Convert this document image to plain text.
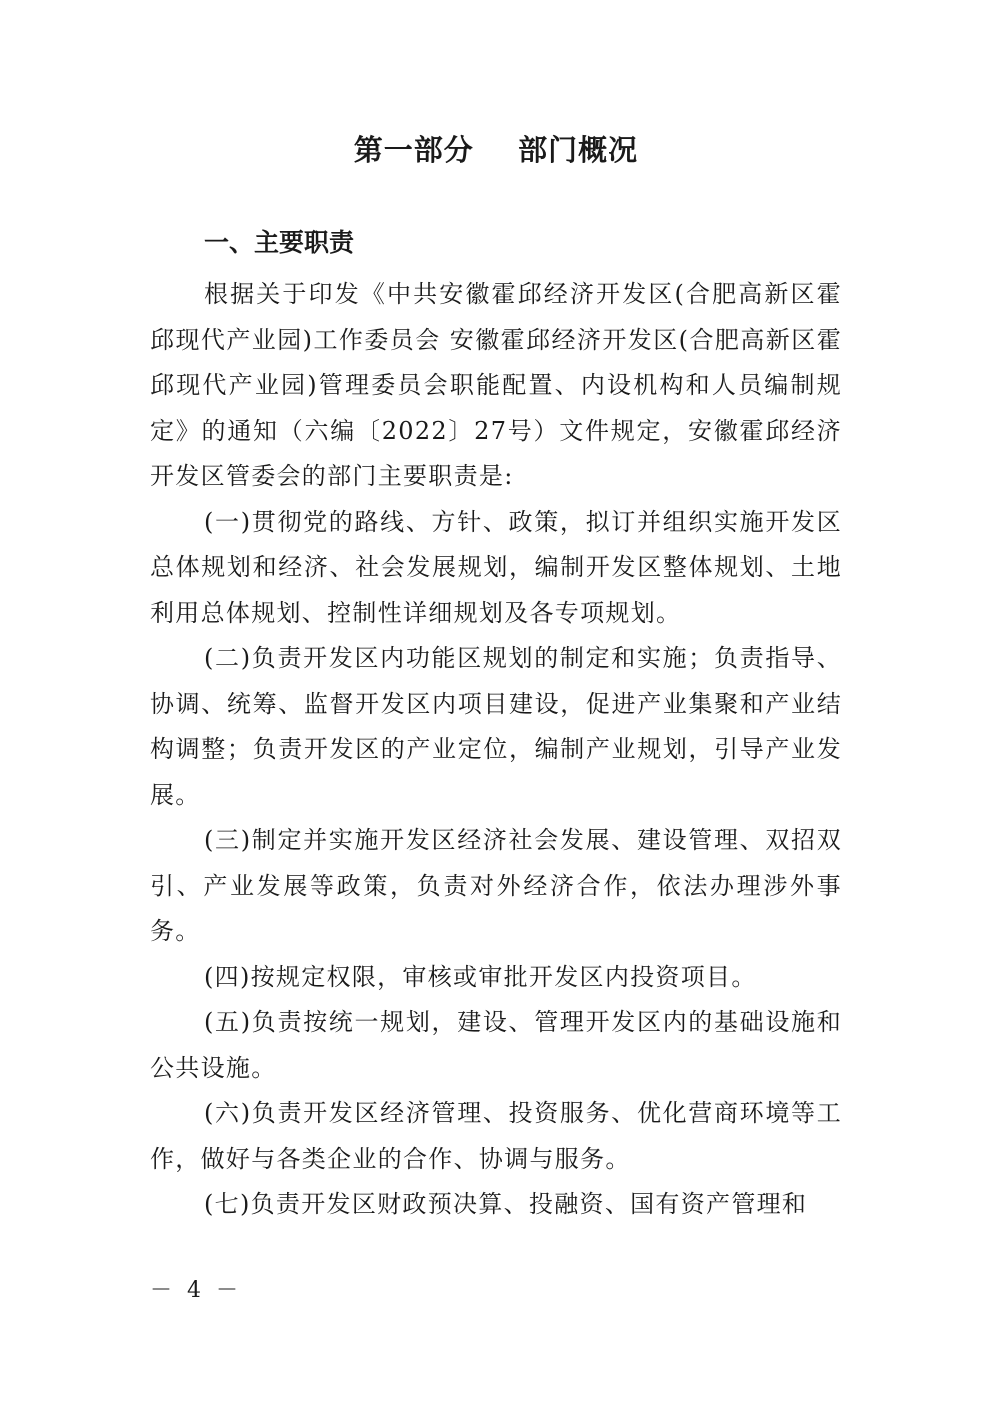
第一部分    部门概况
一、主要职责

根据关于印发《中共安徽霍邱经济开发区(合肥高新区霍邱现代产业园)工作委员会 安徽霍邱经济开发区(合肥高新区霍邱现代产业园)管理委员会职能配置、内设机构和人员编制规定》的通知（六编〔2022〕27号）文件规定，安徽霍邱经济开发区管委会的部门主要职责是:

(一)贯彻党的路线、方针、政策，拟订并组织实施开发区总体规划和经济、社会发展规划，编制开发区整体规划、土地利用总体规划、控制性详细规划及各专项规划。

(二)负责开发区内功能区规划的制定和实施；负责指导、协调、统筹、监督开发区内项目建设，促进产业集聚和产业结构调整；负责开发区的产业定位，编制产业规划，引导产业发展。

(三)制定并实施开发区经济社会发展、建设管理、双招双引、产业发展等政策，负责对外经济合作，依法办理涉外事务。

(四)按规定权限，审核或审批开发区内投资项目。

(五)负责按统一规划，建设、管理开发区内的基础设施和公共设施。

(六)负责开发区经济管理、投资服务、优化营商环境等工作，做好与各类企业的合作、协调与服务。

(七)负责开发区财政预决算、投融资、国有资产管理和

－ 4 －
